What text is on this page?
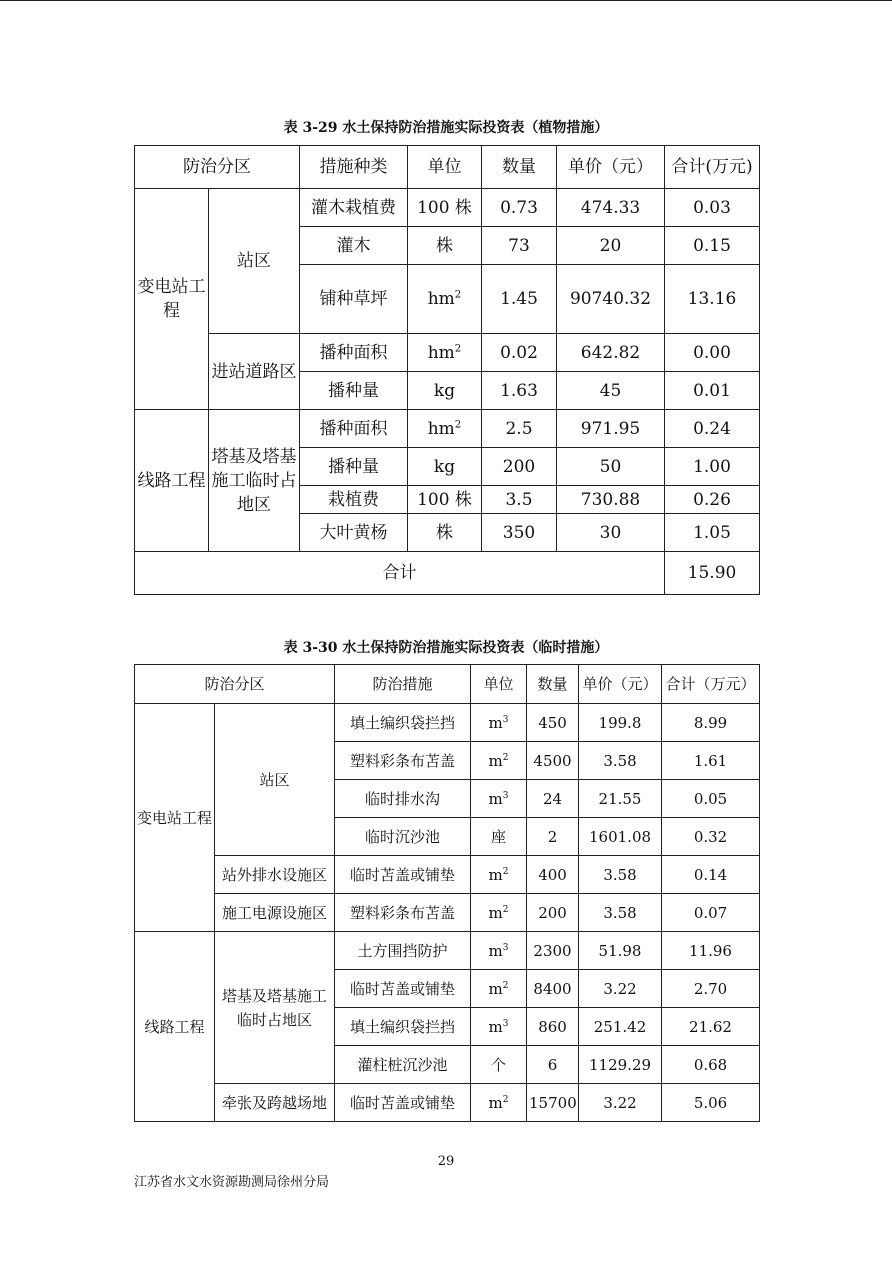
表 3-29 水土保持防治措施实际投资表（植物措施）
防治分区		措施种类	单位	数量	单价（元）	合计(万元)
变电站工程	站区	灌木栽植费	100 株	0.73	474.33	0.03
		灌木	株	73	20	0.15
		铺种草坪	$hm^2$	1.45	90740.32	13.16
	进站道路区	播种面积	$hm^2$	0.02	642.82	0.00
		播种量	kg	1.63	45	0.01
线路工程	塔基及塔基施工临时占地区	播种面积	$hm^2$	2.5	971.95	0.24
		播种量	kg	200	50	1.00
		栽植费	100 株	3.5	730.88	0.26
		大叶黄杨	株	350	30	1.05
合计						15.90
表 3-30 水土保持防治措施实际投资表（临时措施）
防治分区		防治措施	单位	数量	单价（元）	合计（万元）
变电站工程	站区	填土编织袋拦挡	$m^3$	450	199.8	8.99
		塑料彩条布苫盖	$m^2$	4500	3.58	1.61
		临时排水沟	$m^3$	24	21.55	0.05
		临时沉沙池	座	2	1601.08	0.32
	站外排水设施区	临时苫盖或铺垫	$m^2$	400	3.58	0.14
	施工电源设施区	塑料彩条布苫盖	$m^2$	200	3.58	0.07
线路工程	塔基及塔基施工临时占地区	土方围挡防护	$m^3$	2300	51.98	11.96
		临时苫盖或铺垫	$m^2$	8400	3.22	2.70
		填土编织袋拦挡	$m^3$	860	251.42	21.62
		灌柱桩沉沙池	个	6	1129.29	0.68
	牵张及跨越场地	临时苫盖或铺垫	$m^2$	15700	3.22	5.06
29
江苏省水文水资源勘测局徐州分局
